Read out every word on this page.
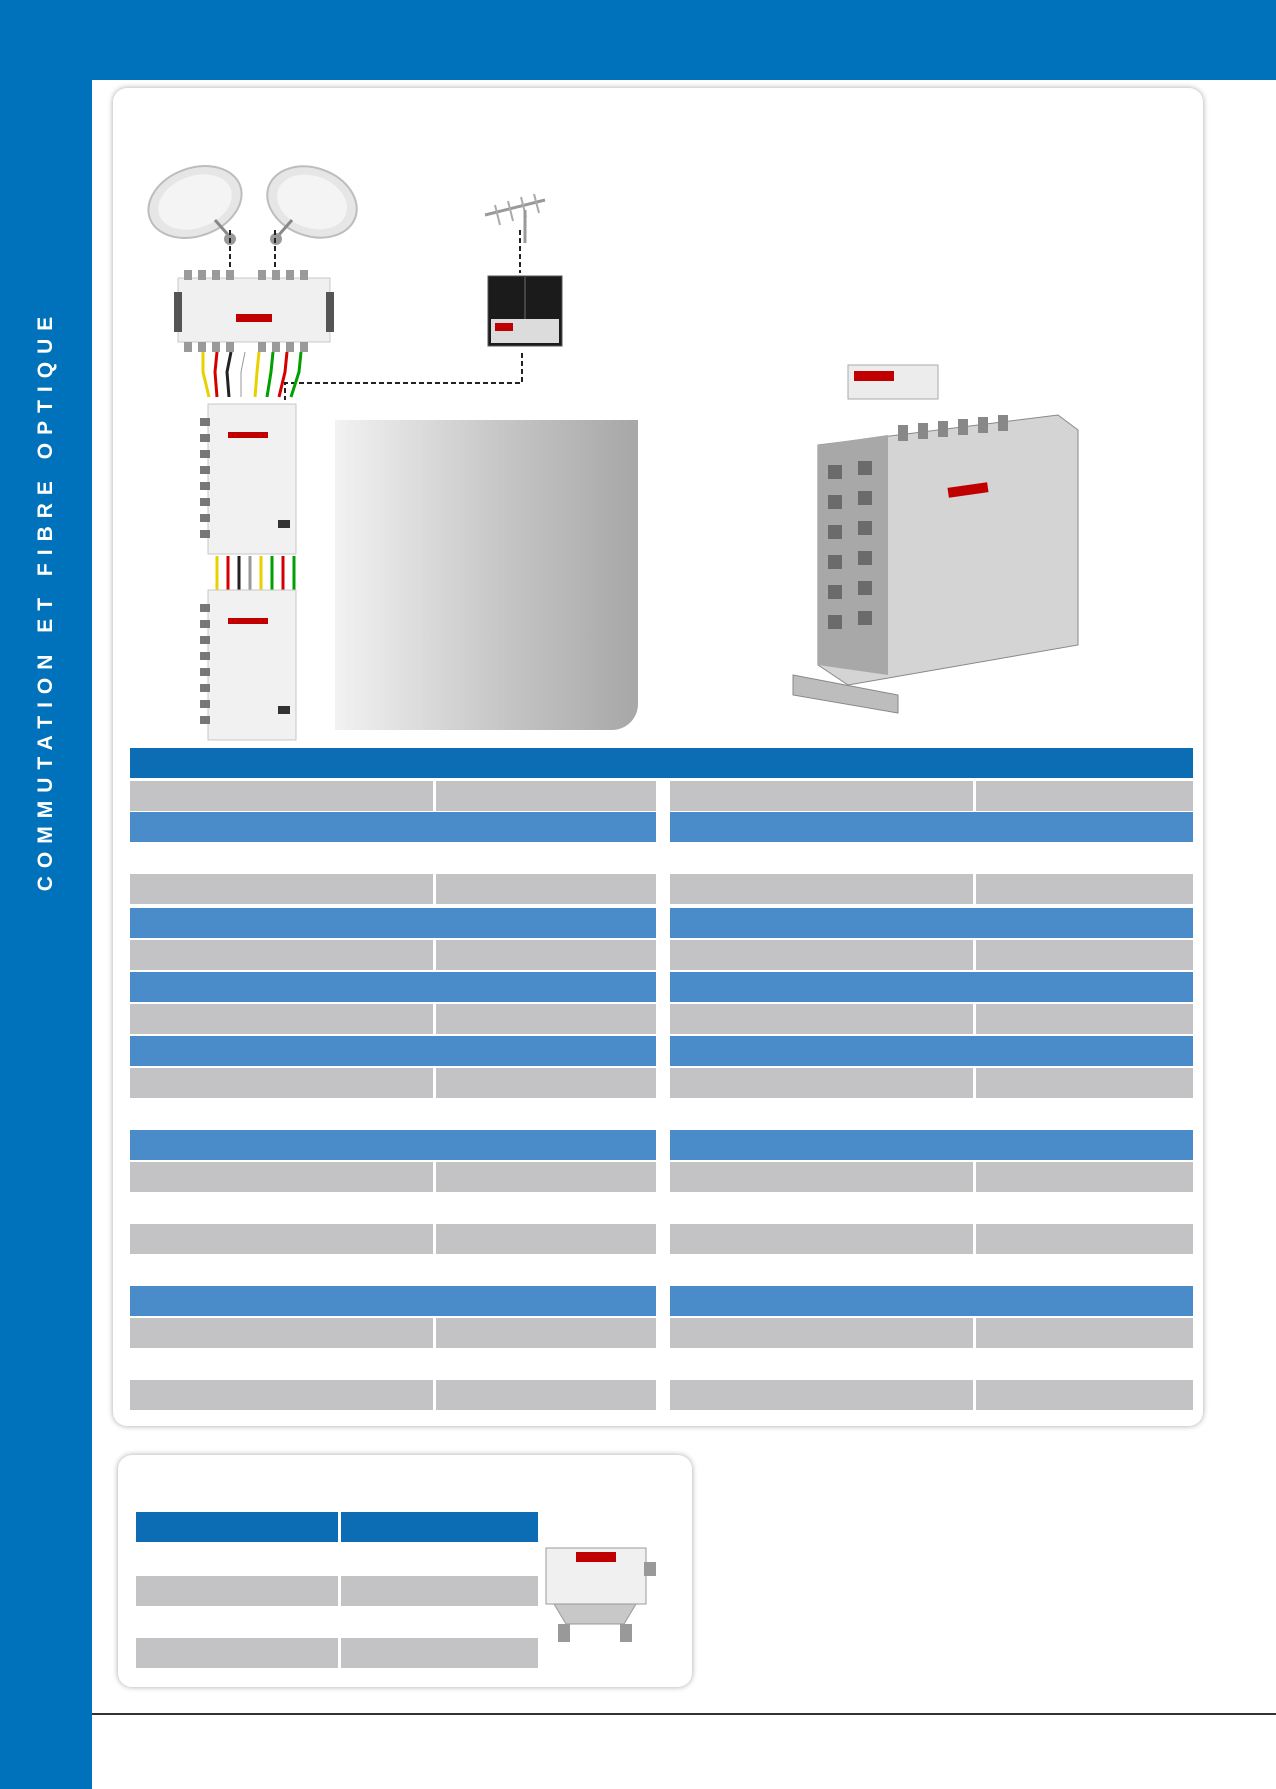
COMMUTATION ET FIBRE OPTIQUE
